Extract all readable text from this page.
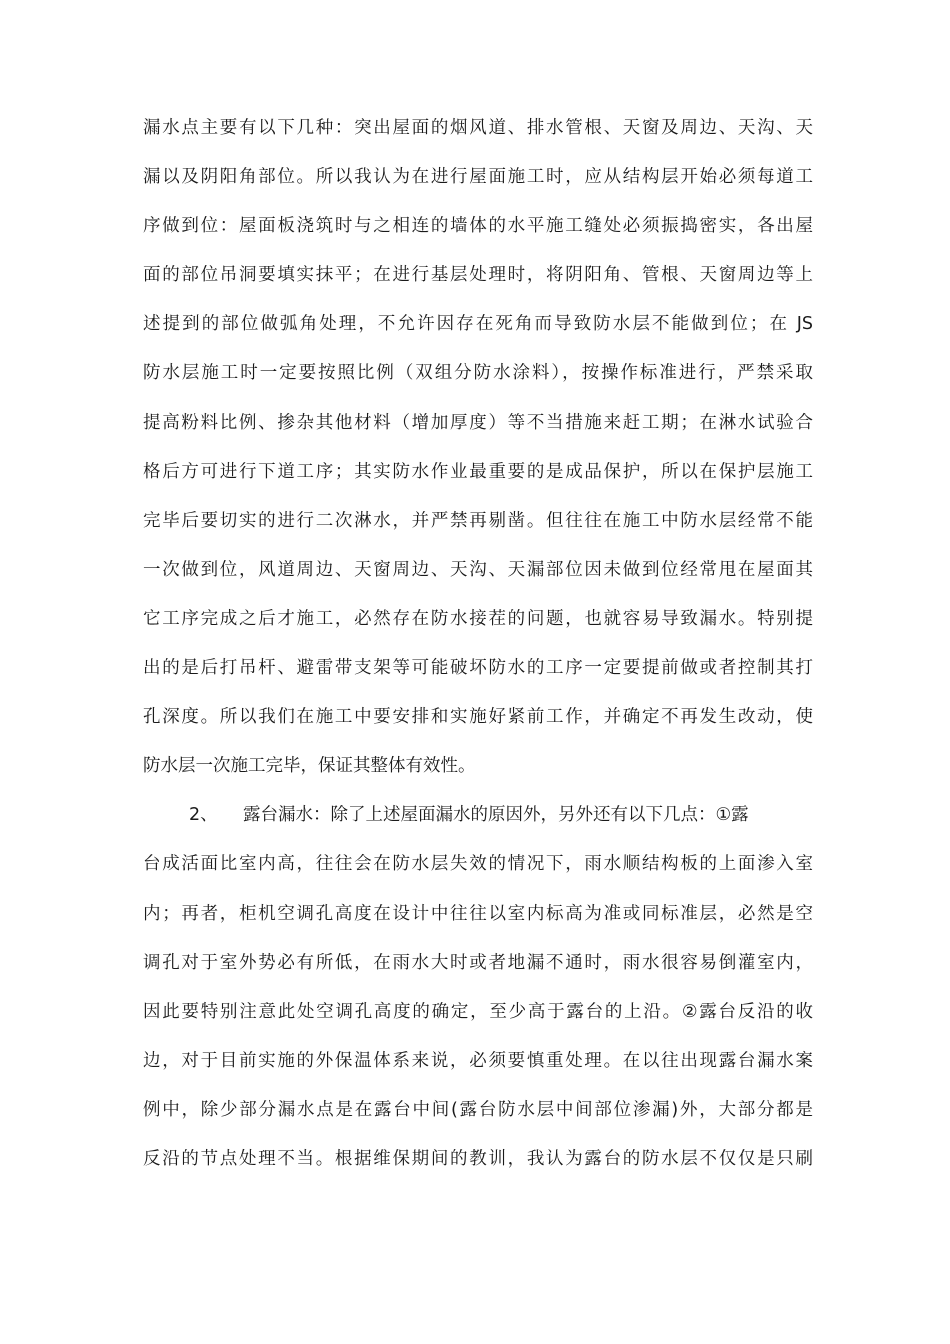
漏水点主要有以下几种：突出屋面的烟风道、排水管根、天窗及周边、天沟、天
漏以及阴阳角部位。所以我认为在进行屋面施工时，应从结构层开始必须每道工
序做到位：屋面板浇筑时与之相连的墙体的水平施工缝处必须振捣密实，各出屋
面的部位吊洞要填实抹平；在进行基层处理时，将阴阳角、管根、天窗周边等上
述提到的部位做弧角处理，不允许因存在死角而导致防水层不能做到位；在 JS
防水层施工时一定要按照比例（双组分防水涂料），按操作标准进行，严禁采取
提高粉料比例、掺杂其他材料（增加厚度）等不当措施来赶工期；在淋水试验合
格后方可进行下道工序；其实防水作业最重要的是成品保护，所以在保护层施工
完毕后要切实的进行二次淋水，并严禁再剔凿。但往往在施工中防水层经常不能
一次做到位，风道周边、天窗周边、天沟、天漏部位因未做到位经常甩在屋面其
它工序完成之后才施工，必然存在防水接茬的问题，也就容易导致漏水。特别提
出的是后打吊杆、避雷带支架等可能破坏防水的工序一定要提前做或者控制其打
孔深度。所以我们在施工中要安排和实施好紧前工作，并确定不再发生改动，使
防水层一次施工完毕，保证其整体有效性。
2、 露台漏水：除了上述屋面漏水的原因外，另外还有以下几点：①露
台成活面比室内高，往往会在防水层失效的情况下，雨水顺结构板的上面渗入室
内；再者，柜机空调孔高度在设计中往往以室内标高为准或同标准层，必然是空
调孔对于室外势必有所低，在雨水大时或者地漏不通时，雨水很容易倒灌室内，
因此要特别注意此处空调孔高度的确定，至少高于露台的上沿。②露台反沿的收
边，对于目前实施的外保温体系来说，必须要慎重处理。在以往出现露台漏水案
例中，除少部分漏水点是在露台中间(露台防水层中间部位渗漏)外，大部分都是
反沿的节点处理不当。根据维保期间的教训，我认为露台的防水层不仅仅是只刷
